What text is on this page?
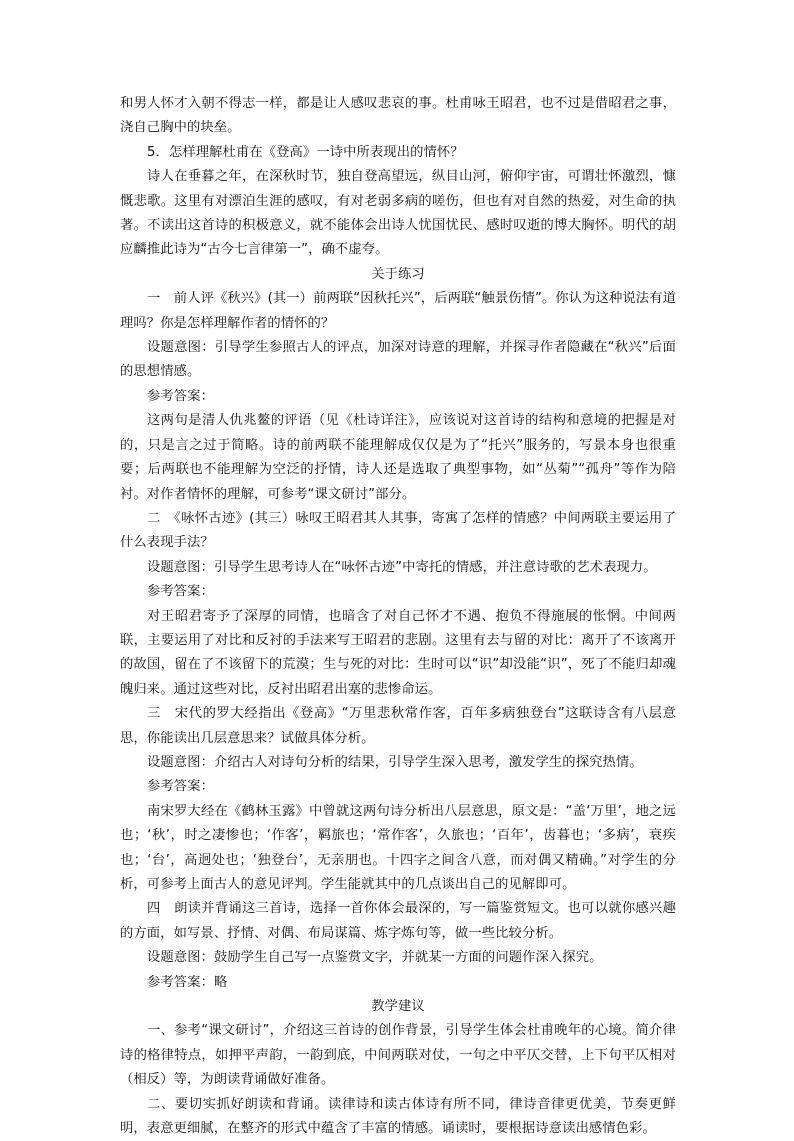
和男人怀才入朝不得志一样，都是让人感叹悲哀的事。杜甫咏王昭君，也不过是借昭君之事，浇自己胸中的块垒。

5．怎样理解杜甫在《登高》一诗中所表现出的情怀？

诗人在垂暮之年，在深秋时节，独自登高望远，纵目山河，俯仰宇宙，可谓壮怀激烈，慷慨悲歌。这里有对漂泊生涯的感叹，有对老弱多病的嗟伤，但也有对自然的热爱，对生命的执著。不读出这首诗的积极意义，就不能体会出诗人忧国忧民、感时叹逝的博大胸怀。明代的胡应麟推此诗为“古今七言律第一”，确不虚夸。

关于练习

一　前人评《秋兴》(其一）前两联“因秋托兴”，后两联“触景伤情”。你认为这种说法有道理吗？你是怎样理解作者的情怀的？

设题意图：引导学生参照古人的评点，加深对诗意的理解，并探寻作者隐藏在“秋兴”后面的思想情感。

参考答案：

这两句是清人仇兆鳌的评语（见《杜诗详注》，应该说对这首诗的结构和意境的把握是对的，只是言之过于简略。诗的前两联不能理解成仅仅是为了“托兴”服务的，写景本身也很重要；后两联也不能理解为空泛的抒情，诗人还是选取了典型事物，如“丛菊”“孤舟”等作为陪衬。对作者情怀的理解，可参考“课文研讨”部分。

二　《咏怀古迹》(其三）咏叹王昭君其人其事，寄寓了怎样的情感？中间两联主要运用了什么表现手法？

设题意图：引导学生思考诗人在“咏怀古迹”中寄托的情感，并注意诗歌的艺术表现力。

参考答案：

对王昭君寄予了深厚的同情，也暗含了对自己怀才不遇、抱负不得施展的怅惘。中间两联，主要运用了对比和反衬的手法来写王昭君的悲剧。这里有去与留的对比：离开了不该离开的故国，留在了不该留下的荒漠；生与死的对比：生时可以“识”却没能“识”，死了不能归却魂魄归来。通过这些对比，反衬出昭君出塞的悲惨命运。

三　宋代的罗大经指出《登高》“万里悲秋常作客，百年多病独登台”这联诗含有八层意思，你能读出几层意思来？试做具体分析。

设题意图：介绍古人对诗句分析的结果，引导学生深入思考，激发学生的探究热情。

参考答案：

南宋罗大经在《鹤林玉露》中曾就这两句诗分析出八层意思，原文是：“盖‘万里’，地之远也；‘秋’，时之凄惨也；‘作客’，羁旅也；‘常作客’，久旅也；‘百年’，齿暮也；‘多病’，衰疾也；‘台’，高迥处也；‘独登台’，无亲朋也。十四字之间含八意，而对偶又精确。”对学生的分析，可参考上面古人的意见评判。学生能就其中的几点谈出自己的见解即可。

四　朗读并背诵这三首诗，选择一首你体会最深的，写一篇鉴赏短文。也可以就你感兴趣的方面，如写景、抒情、对偶、布局谋篇、炼字炼句等，做一些比较分析。

设题意图：鼓励学生自己写一点鉴赏文字，并就某一方面的问题作深入探究。

参考答案：略

教学建议

一、参考“课文研讨”，介绍这三首诗的创作背景，引导学生体会杜甫晚年的心境。简介律诗的格律特点，如押平声韵，一韵到底，中间两联对仗，一句之中平仄交替，上下句平仄相对（相反）等，为朗读背诵做好准备。

二、要切实抓好朗读和背诵。读律诗和读古体诗有所不同，律诗音律更优美，节奏更鲜明，表意更细腻，在整齐的形式中蕴含了丰富的情感。诵读时，要根据诗意读出感情色彩。
